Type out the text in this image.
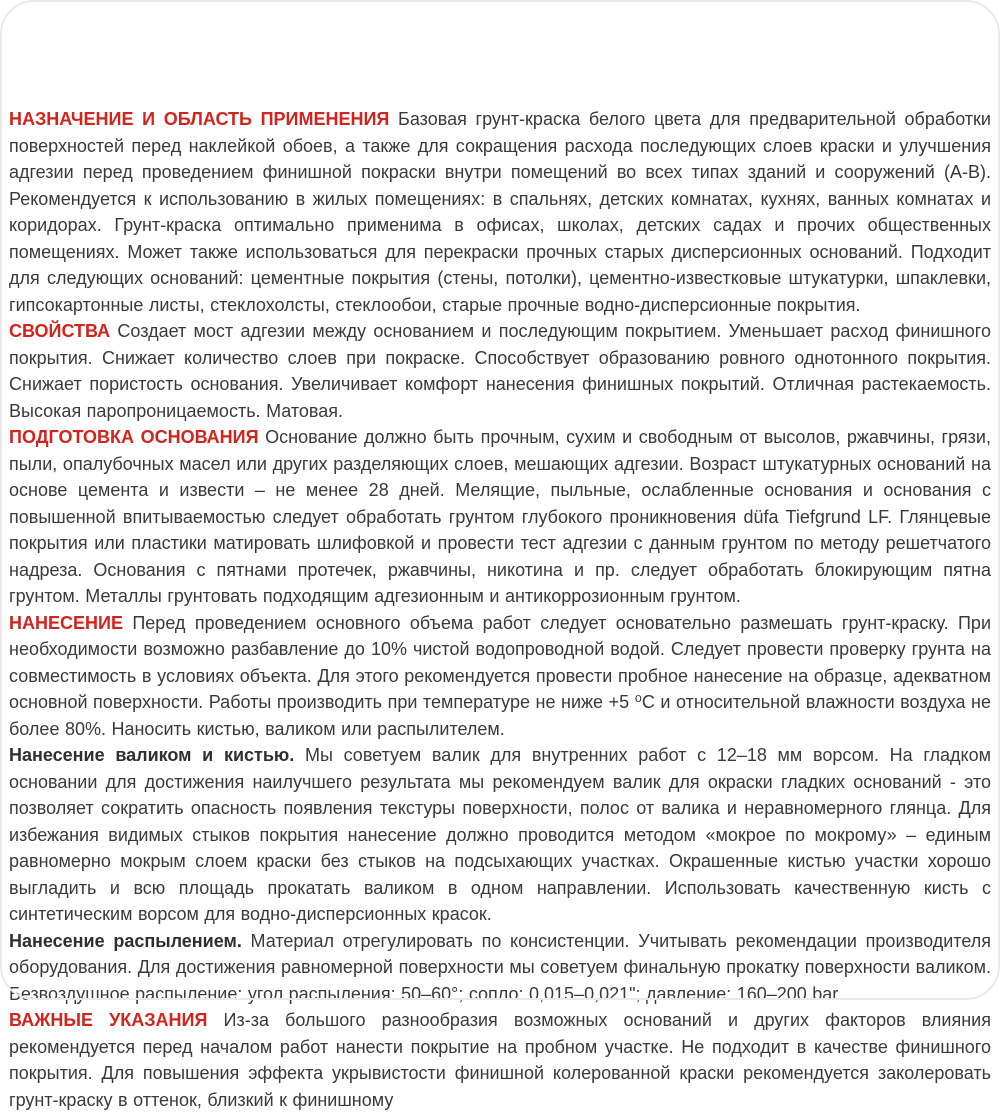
НАЗНАЧЕНИЕ И ОБЛАСТЬ ПРИМЕНЕНИЯ Базовая грунт-краска белого цвета для предварительной обработки поверхностей перед наклейкой обоев, а также для сокращения расхода последующих слоев краски и улучшения адгезии перед проведением финишной покраски внутри помещений во всех типах зданий и сооружений (А-В). Рекомендуется к использованию в жилых помещениях: в спальнях, детских комнатах, кухнях, ванных комнатах и коридорах. Грунт-краска оптимально применима в офисах, школах, детских садах и прочих общественных помещениях. Может также использоваться для перекраски прочных старых дисперсионных оснований. Подходит для следующих оснований: цементные покрытия (стены, потолки), цементно-известковые штукатурки, шпаклевки, гипсокартонные листы, стеклохолсты, стеклообои, старые прочные водно-дисперсионные покрытия.

СВОЙСТВА Создает мост адгезии между основанием и последующим покрытием. Уменьшает расход финишного покрытия. Снижает количество слоев при покраске. Способствует образованию ровного однотонного покрытия. Снижает пористость основания. Увеличивает комфорт нанесения финишных покрытий. Отличная растекаемость. Высокая паропроницаемость. Матовая.

ПОДГОТОВКА ОСНОВАНИЯ Основание должно быть прочным, сухим и свободным от высолов, ржавчины, грязи, пыли, опалубочных масел или других разделяющих слоев, мешающих адгезии. Возраст штукатурных оснований на основе цемента и извести – не менее 28 дней. Мелящие, пыльные, ослабленные основания и основания с повышенной впитываемостью следует обработать грунтом глубокого проникновения düfa Tiefgrund LF. Глянцевые покрытия или пластики матировать шлифовкой и провести тест адгезии с данным грунтом по методу решетчатого надреза. Основания с пятнами протечек, ржавчины, никотина и пр. следует обработать блокирующим пятна грунтом. Металлы грунтовать подходящим адгезионным и антикоррозионным грунтом.

НАНЕСЕНИЕ Перед проведением основного объема работ следует основательно размешать грунт-краску. При необходимости возможно разбавление до 10% чистой водопроводной водой. Следует провести проверку грунта на совместимость в условиях объекта. Для этого рекомендуется провести пробное нанесение на образце, адекватном основной поверхности. Работы производить при температуре не ниже +5 ⁰С и относительной влажности воздуха не более 80%. Наносить кистью, валиком или распылителем.

Нанесение валиком и кистью. Мы советуем валик для внутренних работ с 12–18 мм ворсом. На гладком основании для достижения наилучшего результата мы рекомендуем валик для окраски гладких оснований - это позволяет сократить опасность появления текстуры поверхности, полос от валика и неравномерного глянца. Для избежания видимых стыков покрытия нанесение должно проводится методом «мокрое по мокрому» – единым равномерно мокрым слоем краски без стыков на подсыхающих участках. Окрашенные кистью участки хорошо выгладить и всю площадь прокатать валиком в одном направлении. Использовать качественную кисть с синтетическим ворсом для водно-дисперсионных красок.

Нанесение распылением. Материал отрегулировать по консистенции. Учитывать рекомендации производителя оборудования. Для достижения равномерной поверхности мы советуем финальную прокатку поверхности валиком. Безвоздушное распыление: угол распыления: 50–60°; сопло: 0,015–0,021"; давление: 160–200 bar.

ВАЖНЫЕ УКАЗАНИЯ Из-за большого разнообразия возможных оснований и других факторов влияния рекомендуется перед началом работ нанести покрытие на пробном участке. Не подходит в качестве финишного покрытия. Для повышения эффекта укрывистости финишной колерованной краски рекомендуется заколеровать грунт-краску в оттенок, близкий к финишному
